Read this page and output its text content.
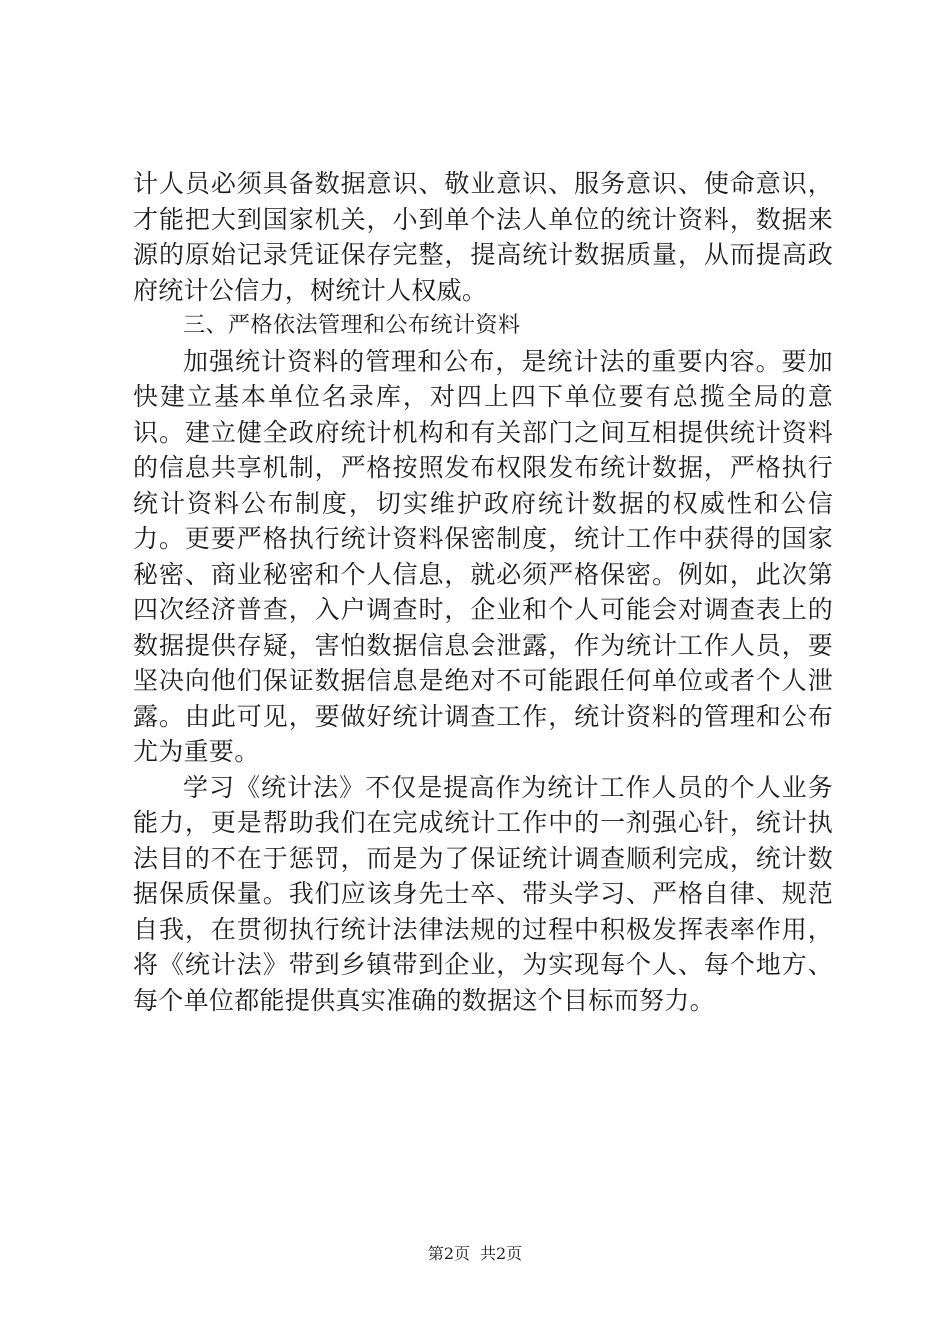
计人员必须具备数据意识、敬业意识、服务意识、使命意识，才能把大到国家机关，小到单个法人单位的统计资料，数据来源的原始记录凭证保存完整，提高统计数据质量，从而提高政府统计公信力，树统计人权威。

三、严格依法管理和公布统计资料

加强统计资料的管理和公布，是统计法的重要内容。要加快建立基本单位名录库，对四上四下单位要有总揽全局的意识。建立健全政府统计机构和有关部门之间互相提供统计资料的信息共享机制，严格按照发布权限发布统计数据，严格执行统计资料公布制度，切实维护政府统计数据的权威性和公信力。更要严格执行统计资料保密制度，统计工作中获得的国家秘密、商业秘密和个人信息，就必须严格保密。例如，此次第四次经济普查，入户调查时，企业和个人可能会对调查表上的数据提供存疑，害怕数据信息会泄露，作为统计工作人员，要坚决向他们保证数据信息是绝对不可能跟任何单位或者个人泄露。由此可见，要做好统计调查工作，统计资料的管理和公布尤为重要。

学习《统计法》不仅是提高作为统计工作人员的个人业务能力，更是帮助我们在完成统计工作中的一剂强心针，统计执法目的不在于惩罚，而是为了保证统计调查顺利完成，统计数据保质保量。我们应该身先士卒、带头学习、严格自律、规范自我，在贯彻执行统计法律法规的过程中积极发挥表率作用，将《统计法》带到乡镇带到企业，为实现每个人、每个地方、每个单位都能提供真实准确的数据这个目标而努力。

第2页 共2页
